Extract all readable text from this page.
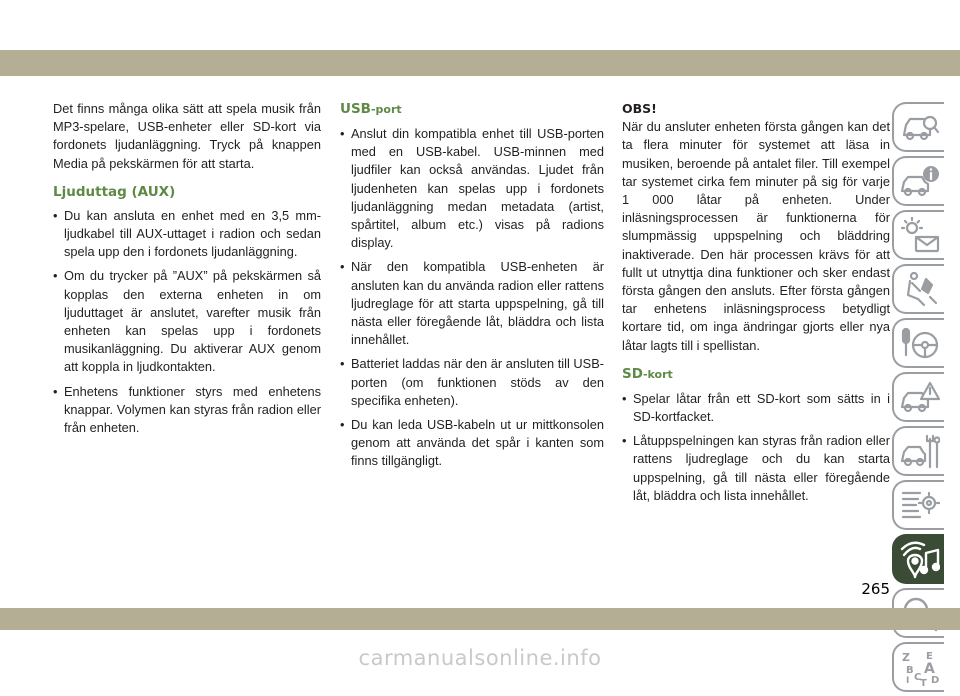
Det finns många olika sätt att spela musik från MP3-spelare, USB-enheter eller SD-kort via fordonets ljudanläggning. Tryck på knappen Media på pekskärmen för att starta.

Ljuduttag (AUX)
• Du kan ansluta en enhet med en 3,5 mm-ljudkabel till AUX-uttaget i radion och sedan spela upp den i fordonets ljudanläggning.
• Om du trycker på ”AUX” på pekskärmen så kopplas den externa enheten in om ljuduttaget är anslutet, varefter musik från enheten kan spelas upp i fordonets musikanläggning. Du aktiverar AUX genom att koppla in ljudkontakten.
• Enhetens funktioner styrs med enhetens knappar. Volymen kan styras från radion eller från enheten.
USB-port
• Anslut din kompatibla enhet till USB-porten med en USB-kabel. USB-minnen med ljudfiler kan också användas. Ljudet från ljudenheten kan spelas upp i fordonets ljudanläggning medan metadata (artist, spårtitel, album etc.) visas på radions display.
• När den kompatibla USB-enheten är ansluten kan du använda radion eller rattens ljudreglage för att starta uppspelning, gå till nästa eller föregående låt, bläddra och lista innehållet.
• Batteriet laddas när den är ansluten till USB-porten (om funktionen stöds av den specifika enheten).
• Du kan leda USB-kabeln ut ur mittkonsolen genom att använda det spår i kanten som finns tillgängligt.
OBS!

När du ansluter enheten första gången kan det ta flera minuter för systemet att läsa in musiken, beroende på antalet filer. Till exempel tar systemet cirka fem minuter på sig för varje 1 000 låtar på enheten. Under inläsningsprocessen är funktionerna för slumpmässig uppspelning och bläddring inaktiverade. Den här processen krävs för att fullt ut utnyttja dina funktioner och sker endast första gången den ansluts. Efter första gången tar enhetens inläsningsprocess betydligt kortare tid, om inga ändringar gjorts eller nya låtar lagts till i spellistan.

SD-kort
• Spelar låtar från ett SD-kort som sätts in i SD-kortfacket.
• Låtuppspelningen kan styras från radion eller rattens ljudreglage och du kan starta uppspelning, gå till nästa eller föregående låt, bläddra och lista innehållet.
Z E
B A
I C
T D
265
carmanualsonline.info
